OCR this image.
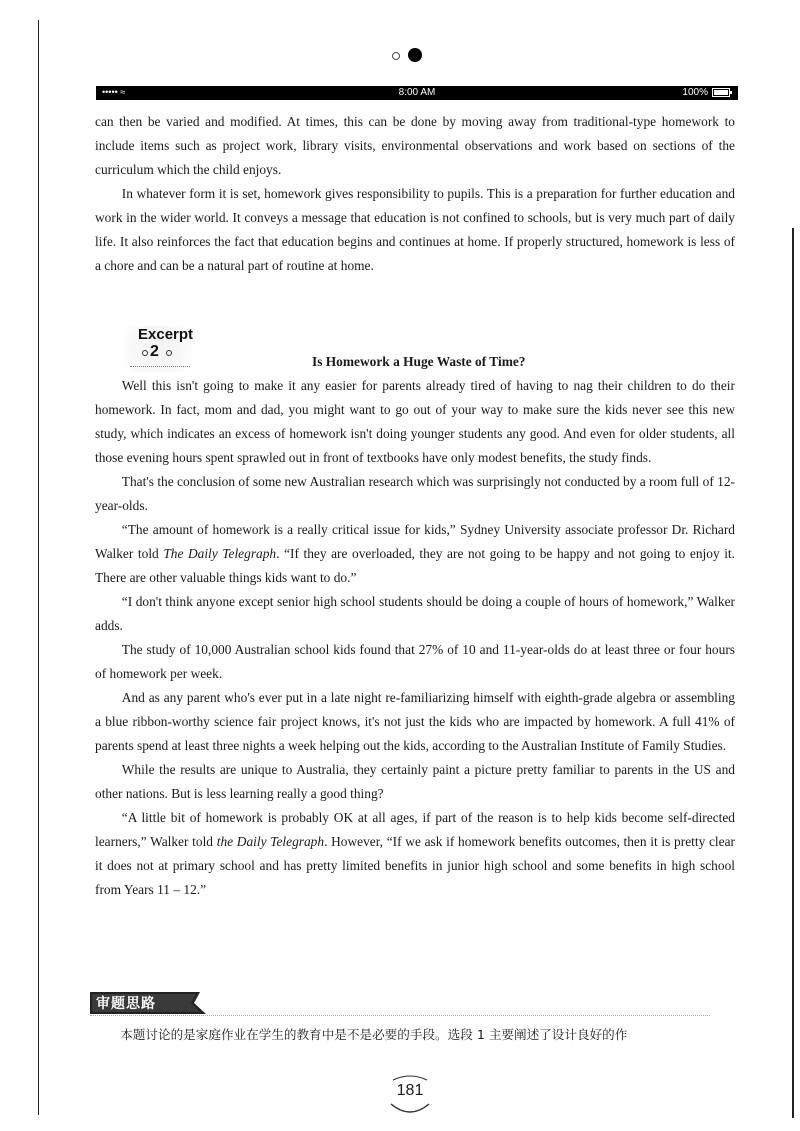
••••• ≈	8:00 AM	100%

can then be varied and modified. At times, this can be done by moving away from traditional-type homework to include items such as project work, library visits, environmental observations and work based on sections of the curriculum which the child enjoys.

In whatever form it is set, homework gives responsibility to pupils. This is a preparation for further education and work in the wider world. It conveys a message that education is not confined to schools, but is very much part of daily life. It also reinforces the fact that education begins and continues at home. If properly structured, homework is less of a chore and can be a natural part of routine at home.

Excerpt
2
Is Homework a Huge Waste of Time?

Well this isn't going to make it any easier for parents already tired of having to nag their children to do their homework. In fact, mom and dad, you might want to go out of your way to make sure the kids never see this new study, which indicates an excess of homework isn't doing younger students any good. And even for older students, all those evening hours spent sprawled out in front of textbooks have only modest benefits, the study finds.

That's the conclusion of some new Australian research which was surprisingly not conducted by a room full of 12-year-olds.

“The amount of homework is a really critical issue for kids,” Sydney University associate professor Dr. Richard Walker told The Daily Telegraph. “If they are overloaded, they are not going to be happy and not going to enjoy it. There are other valuable things kids want to do.”

“I don't think anyone except senior high school students should be doing a couple of hours of homework,” Walker adds.

The study of 10,000 Australian school kids found that 27% of 10 and 11-year-olds do at least three or four hours of homework per week.

And as any parent who's ever put in a late night re-familiarizing himself with eighth-grade algebra or assembling a blue ribbon-worthy science fair project knows, it's not just the kids who are impacted by homework. A full 41% of parents spend at least three nights a week helping out the kids, according to the Australian Institute of Family Studies.

While the results are unique to Australia, they certainly paint a picture pretty familiar to parents in the US and other nations. But is less learning really a good thing?

“A little bit of homework is probably OK at all ages, if part of the reason is to help kids become self-directed learners,” Walker told the Daily Telegraph. However, “If we ask if homework benefits outcomes, then it is pretty clear it does not at primary school and has pretty limited benefits in junior high school and some benefits in high school from Years 11 – 12.”

审题思路
本题讨论的是家庭作业在学生的教育中是不是必要的手段。选段 1 主要阐述了设计良好的作
181
